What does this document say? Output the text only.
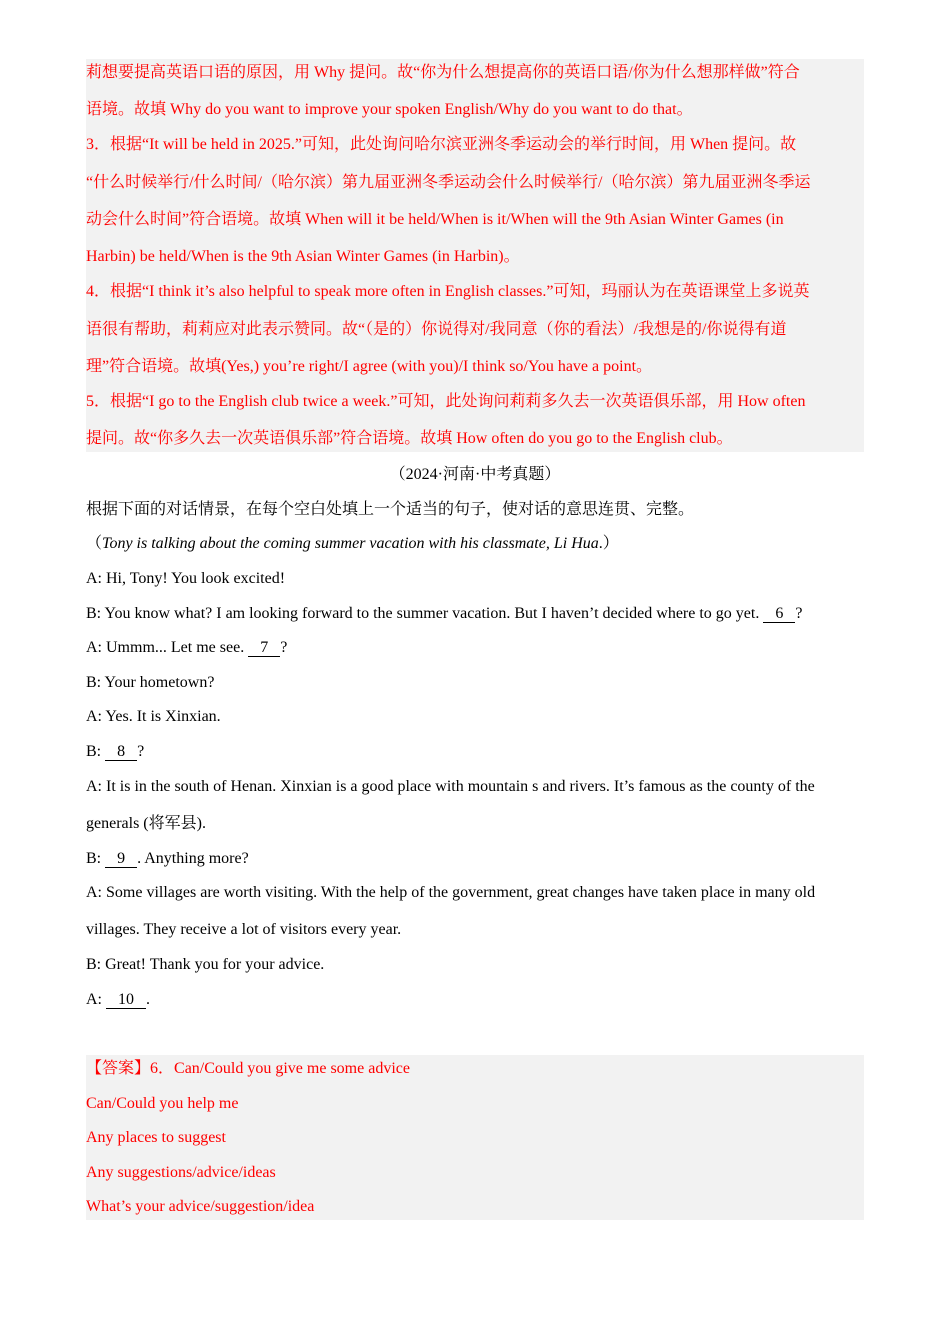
莉想要提高英语口语的原因，用 Why 提问。故“你为什么想提高你的英语口语/你为什么想那样做”符合
语境。故填 Why do you want to improve your spoken English/Why do you want to do that。
3．根据“It will be held in 2025.”可知，此处询问哈尔滨亚洲冬季运动会的举行时间，用 When 提问。故
“什么时候举行/什么时间/（哈尔滨）第九届亚洲冬季运动会什么时候举行/（哈尔滨）第九届亚洲冬季运
动会什么时间”符合语境。故填 When will it be held/When is it/When will the 9th Asian Winter Games (in
Harbin) be held/When is the 9th Asian Winter Games (in Harbin)。
4．根据“I think it’s also helpful to speak more often in English classes.”可知，玛丽认为在英语课堂上多说英
语很有帮助，莉莉应对此表示赞同。故“（是的）你说得对/我同意（你的看法）/我想是的/你说得有道
理”符合语境。故填(Yes,) you’re right/I agree (with you)/I think so/You have a point。
5．根据“I go to the English club twice a week.”可知，此处询问莉莉多久去一次英语俱乐部，用 How often
提问。故“你多久去一次英语俱乐部”符合语境。故填 How often do you go to the English club。
（2024·河南·中考真题）
根据下面的对话情景，在每个空白处填上一个适当的句子，使对话的意思连贯、完整。
（Tony is talking about the coming summer vacation with his classmate, Li Hua.）
A: Hi, Tony! You look excited!
B: You know what? I am looking forward to the summer vacation. But I haven’t decided where to go yet. 6 ?
A: Ummm... Let me see. 7 ?
B: Your hometown?
A: Yes. It is Xinxian.
B: 8 ?
A: It is in the south of Henan. Xinxian is a good place with mountain s and rivers. It’s famous as the county of the
generals (将军县).
B: 9 . Anything more?
A: Some villages are worth visiting. With the help of the government, great changes have taken place in many old
villages. They receive a lot of visitors every year.
B: Great! Thank you for your advice.
A: 10 .
【答案】6．Can/Could you give me some advice
Can/Could you help me
Any places to suggest
Any suggestions/advice/ideas
What’s your advice/suggestion/idea
